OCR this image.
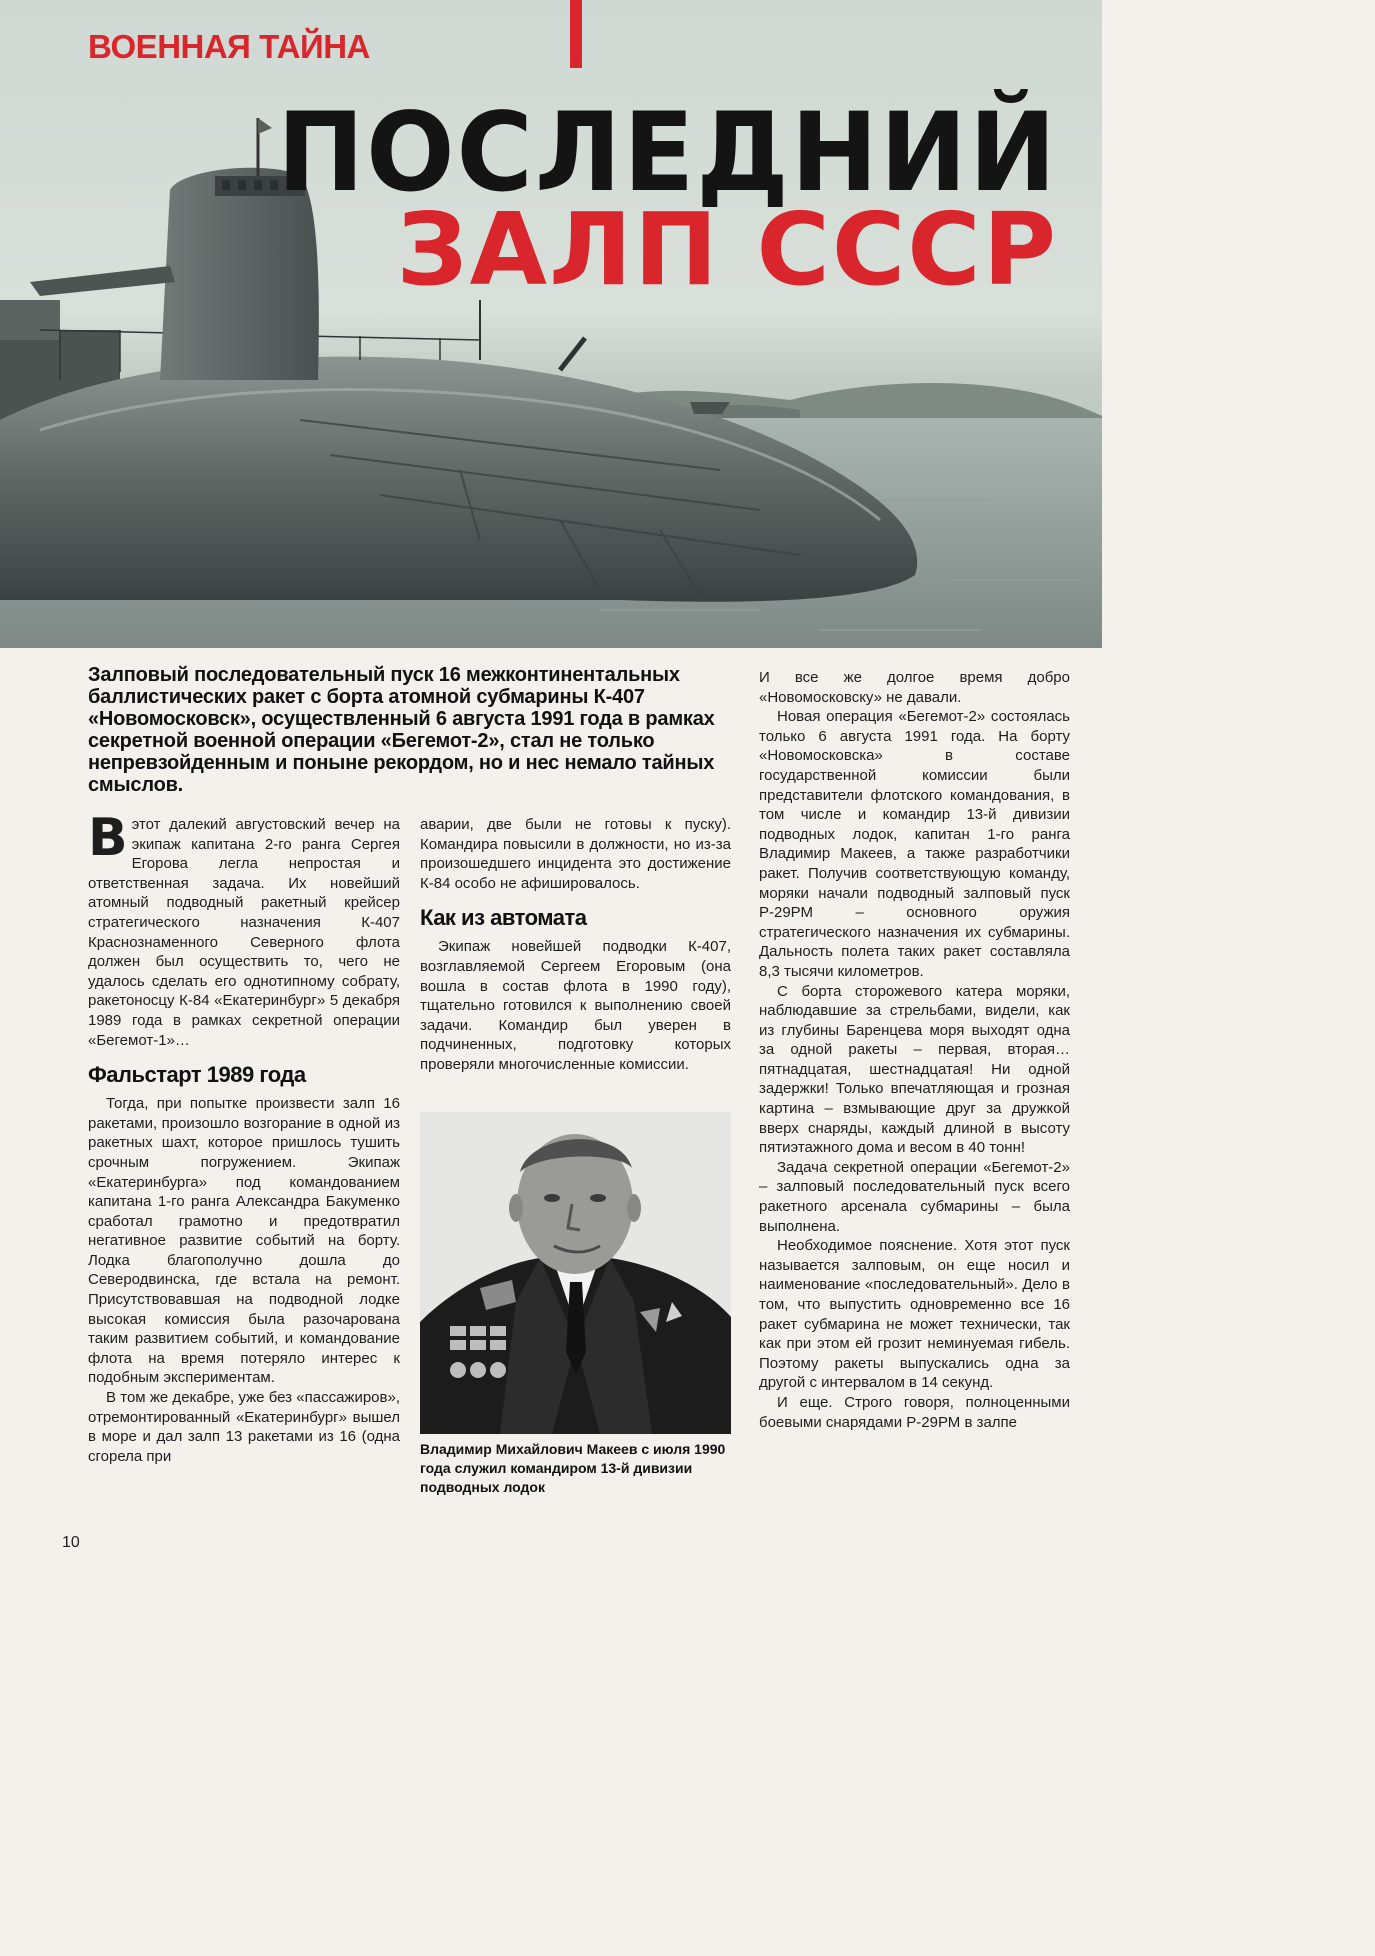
ВОЕННАЯ ТАЙНА
ПОСЛЕДНИЙ
ЗАЛП СССР
Залповый последовательный пуск 16 межконтинентальных баллистических ракет с борта атомной субмарины К-407 «Новомосковск», осуществленный 6 августа 1991 года в рамках секретной военной операции «Бегемот-2», стал не только непревзойденным и поныне рекордом, но и нес немало тайных смыслов.

Вэтот далекий августовский вечер на экипаж капитана 2-го ранга Сергея Егорова легла непростая и ответственная задача. Их новейший атомный подводный ракетный крейсер стратегического назначения К-407 Краснознаменного Северного флота должен был осуществить то, чего не удалось сделать его однотипному собрату, ракетоносцу К-84 «Екатеринбург» 5 декабря 1989 года в рамках секретной операции «Бегемот-1»…

Фальстарт 1989 года

Тогда, при попытке произвести залп 16 ракетами, произошло возгорание в одной из ракетных шахт, которое пришлось тушить срочным погружением. Экипаж «Екатеринбурга» под командованием капитана 1-го ранга Александра Бакуменко сработал грамотно и предотвратил негативное развитие событий на борту. Лодка благополучно дошла до Северодвинска, где встала на ремонт. Присутствовавшая на подводной лодке высокая комиссия была разочарована таким развитием событий, и командование флота на время потеряло интерес к подобным экспериментам.

В том же декабре, уже без «пассажиров», отремонтированный «Екатеринбург» вышел в море и дал залп 13 ракетами из 16 (одна сгорела при

аварии, две были не готовы к пуску). Командира повысили в должности, но из-за произошедшего инцидента это достижение К-84 особо не афишировалось.

Как из автомата

Экипаж новейшей подводки К-407, возглавляемой Сергеем Егоровым (она вошла в состав флота в 1990 году), тщательно готовился к выполнению своей задачи. Командир был уверен в подчиненных, подготовку которых проверяли многочисленные комиссии.

Владимир Михайлович Макеев с июля 1990 года служил командиром 13-й дивизии подводных лодок

И все же долгое время добро «Новомосковску» не давали.

Новая операция «Бегемот-2» состоялась только 6 августа 1991 года. На борту «Новомосковска» в составе государственной комиссии были представители флотского командования, в том числе и командир 13-й дивизии подводных лодок, капитан 1-го ранга Владимир Макеев, а также разработчики ракет. Получив соответствующую команду, моряки начали подводный залповый пуск Р-29РМ – основного оружия стратегического назначения их субмарины. Дальность полета таких ракет составляла 8,3 тысячи километров.

С борта сторожевого катера моряки, наблюдавшие за стрельбами, видели, как из глубины Баренцева моря выходят одна за одной ракеты – первая, вторая… пятнадцатая, шестнадцатая! Ни одной задержки! Только впечатляющая и грозная картина – взмывающие друг за дружкой вверх снаряды, каждый длиной в высоту пятиэтажного дома и весом в 40 тонн!

Задача секретной операции «Бегемот-2» – залповый последовательный пуск всего ракетного арсенала субмарины – была выполнена.

Необходимое пояснение. Хотя этот пуск называется залповым, он еще носил и наименование «последовательный». Дело в том, что выпустить одновременно все 16 ракет субмарина не может технически, так как при этом ей грозит неминуемая гибель. Поэтому ракеты выпускались одна за другой с интервалом в 14 секунд.

И еще. Строго говоря, полноценными боевыми снарядами Р-29РМ в залпе

10
